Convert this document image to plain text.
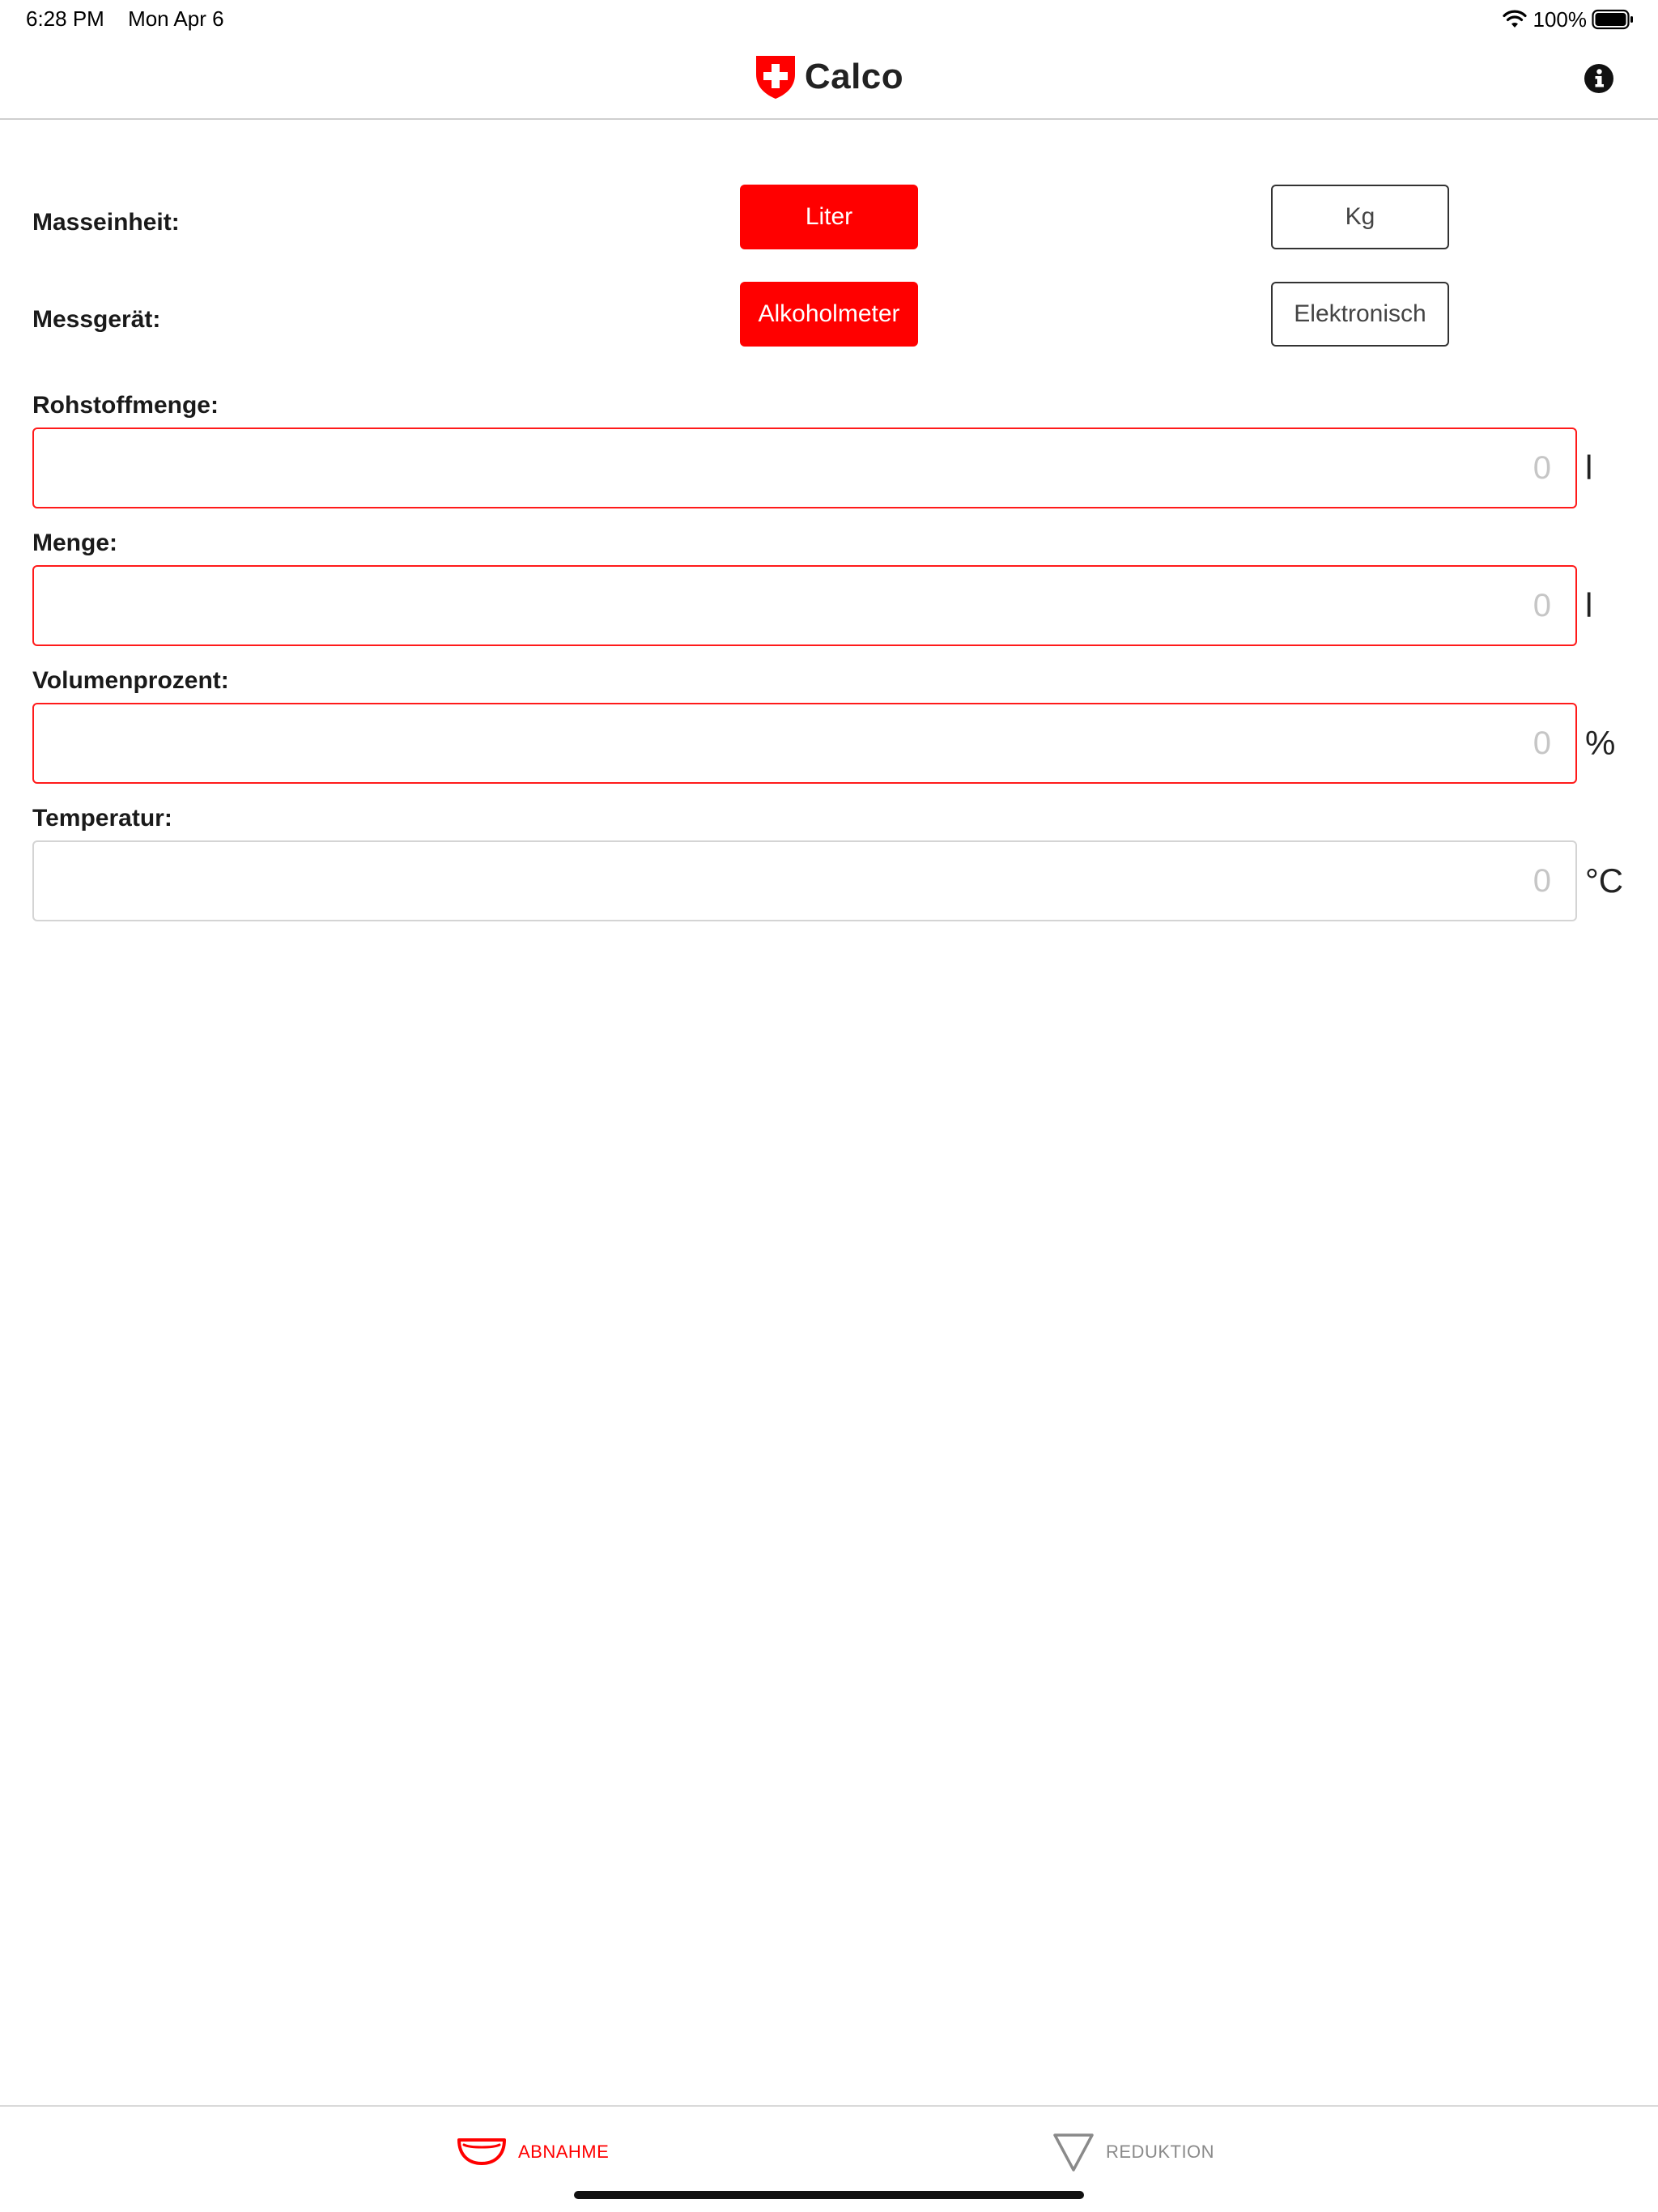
6:28 PM Mon Apr 6	100%
Calco
Masseinheit:	Liter	Kg
Messgerät:	Alkoholmeter	Elektronisch
Rohstoffmenge:
0
l
Menge:
0
l
Volumenprozent:
0
%
Temperatur:
0
°C
ABNAHME	REDUKTION
